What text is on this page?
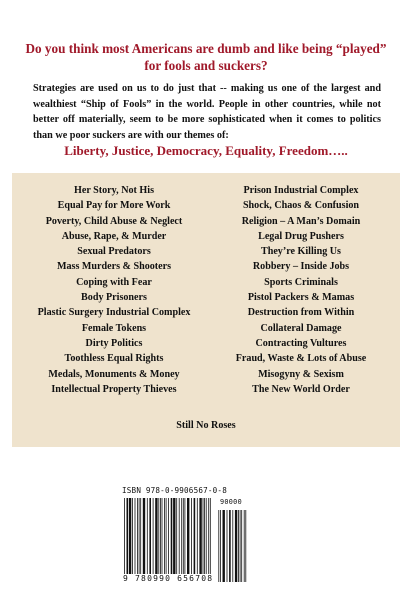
Do you think most Americans are dumb and like being “played” for fools and suckers?

Strategies are used on us to do just that -- making us one of the largest and wealthiest “Ship of Fools” in the world. People in other countries, while not better off materially, seem to be more sophisticated when it comes to politics than we poor suckers are with our themes of:

Liberty, Justice, Democracy, Equality, Freedom…..

Her Story, Not His
Equal Pay for More Work
Poverty, Child Abuse & Neglect
Abuse, Rape, & Murder
Sexual Predators
Mass Murders & Shooters
Coping with Fear
Body Prisoners
Plastic Surgery Industrial Complex
Female Tokens
Dirty Politics
Toothless Equal Rights
Medals, Monuments & Money
Intellectual Property Thieves
Prison Industrial Complex
Shock, Chaos & Confusion
Religion – A Man’s Domain
Legal Drug Pushers
They’re Killing Us
Robbery – Inside Jobs
Sports Criminals
Pistol Packers & Mamas
Destruction from Within
Collateral Damage
Contracting Vultures
Fraud, Waste & Lots of Abuse
Misogyny & Sexism
The New World Order
Still No Roses
ISBN 978-0-9906567-0-8
90000
9 780990 656708
